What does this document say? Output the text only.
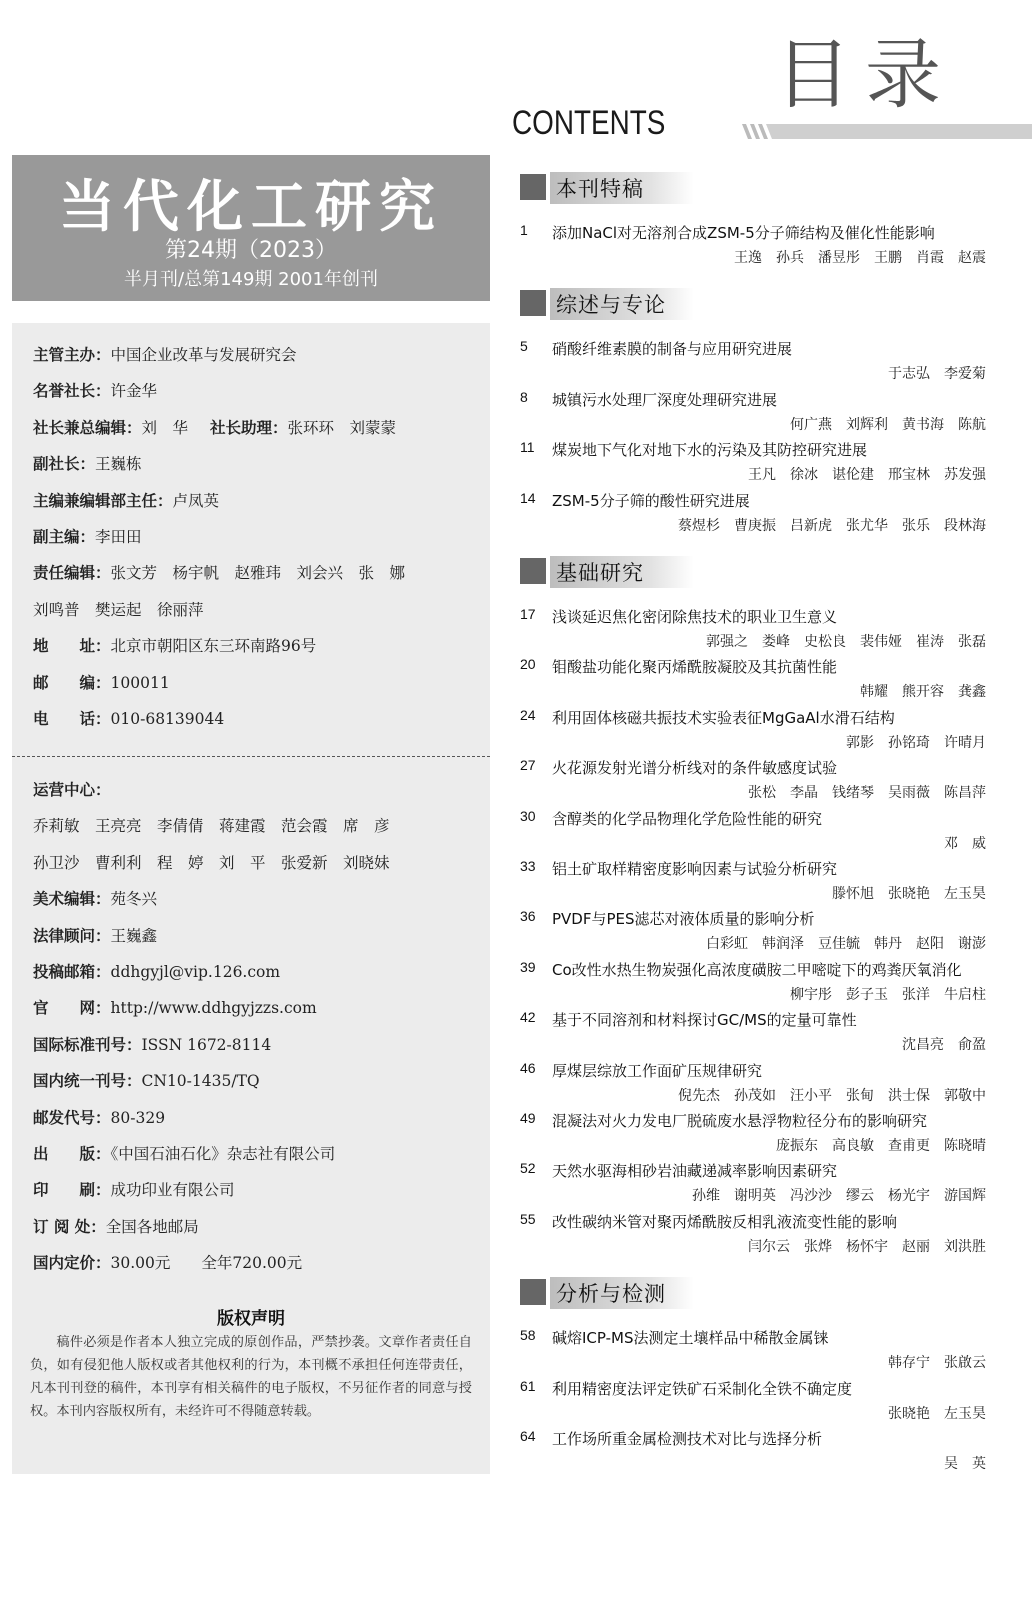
目录
CONTENTS
当代化工研究
第24期（2023）
半月刊/总第149期 2001年创刊
版权声明
稿件必须是作者本人独立完成的原创作品，严禁抄袭。文章作者责任自负，如有侵犯他人版权或者其他权利的行为，本刊概不承担任何连带责任，凡本刊刊登的稿件，本刊享有相关稿件的电子版权，不另征作者的同意与授权。本刊内容版权所有，未经许可不得随意转载。
主管主办：中国企业改革与发展研究会
名誉社长：许金华
社长兼总编辑：刘　华 社长助理：张环环　刘蒙蒙
副社长：王巍栋
主编兼编辑部主任：卢凤英
副主编：李田田
责任编辑：张文芳　杨宇帆　赵雅玮　刘会兴　张　娜
刘鸣普　樊运起　徐丽萍
地　　址：北京市朝阳区东三环南路96号
邮　　编：100011
电　　话：010-68139044
运营中心：
乔莉敏　王亮亮　李倩倩　蒋建霞　范会霞　席　彦
孙卫沙　曹利利　程　婷　刘　平　张爱新　刘晓妹
美术编辑：苑冬兴
法律顾问：王巍鑫
投稿邮箱：ddhgyjl@vip.126.com
官　　网：http://www.ddhgyjzzs.com
国际标准刊号：ISSN 1672-8114
国内统一刊号：CN10-1435/TQ
邮发代号：80-329
出　　版：《中国石油石化》杂志社有限公司
印　　刷：成功印业有限公司
订 阅 处：全国各地邮局
国内定价：30.00元　　全年720.00元
本刊特稿
1 添加NaCl对无溶剂合成ZSM-5分子筛结构及催化性能影响
王逸　孙兵　潘昱彤　王鹏　肖霞　赵震
综述与专论
5 硝酸纤维素膜的制备与应用研究进展
于志弘　李爱菊
8 城镇污水处理厂深度处理研究进展
何广燕　刘辉利　黄书海　陈航
11 煤炭地下气化对地下水的污染及其防控研究进展
王凡　徐冰　谌伦建　邢宝林　苏发强
14 ZSM-5分子筛的酸性研究进展
蔡煜杉　曹庚振　吕新虎　张尤华　张乐　段林海
基础研究
17 浅谈延迟焦化密闭除焦技术的职业卫生意义
郭强之　娄峰　史松良　裴伟娅　崔涛　张磊
20 钼酸盐功能化聚丙烯酰胺凝胶及其抗菌性能
韩耀　熊开容　龚鑫
24 利用固体核磁共振技术实验表征MgGaAl水滑石结构
郭影　孙铭琦　许晴月
27 火花源发射光谱分析线对的条件敏感度试验
张松　李晶　钱绪琴　吴雨薇　陈昌萍
30 含醇类的化学品物理化学危险性能的研究
邓　威
33 铝土矿取样精密度影响因素与试验分析研究
滕怀旭　张晓艳　左玉昊
36 PVDF与PES滤芯对液体质量的影响分析
白彩虹　韩润泽　豆佳毓　韩丹　赵阳　谢澎
39 Co改性水热生物炭强化高浓度磺胺二甲嘧啶下的鸡粪厌氧消化
柳宇彤　彭子玉　张洋　牛启柱
42 基于不同溶剂和材料探讨GC/MS的定量可靠性
沈昌亮　俞盈
46 厚煤层综放工作面矿压规律研究
倪先杰　孙茂如　汪小平　张甸　洪士保　郭敬中
49 混凝法对火力发电厂脱硫废水悬浮物粒径分布的影响研究
庞振东　高良敏　查甫更　陈晓晴
52 天然水驱海相砂岩油藏递减率影响因素研究
孙维　谢明英　冯沙沙　缪云　杨光宇　游国辉
55 改性碳纳米管对聚丙烯酰胺反相乳液流变性能的影响
闫尔云　张烨　杨怀宇　赵丽　刘洪胜
分析与检测
58 碱熔ICP-MS法测定土壤样品中稀散金属铼
韩存宁　张啟云
61 利用精密度法评定铁矿石采制化全铁不确定度
张晓艳　左玉昊
64 工作场所重金属检测技术对比与选择分析
吴　英
